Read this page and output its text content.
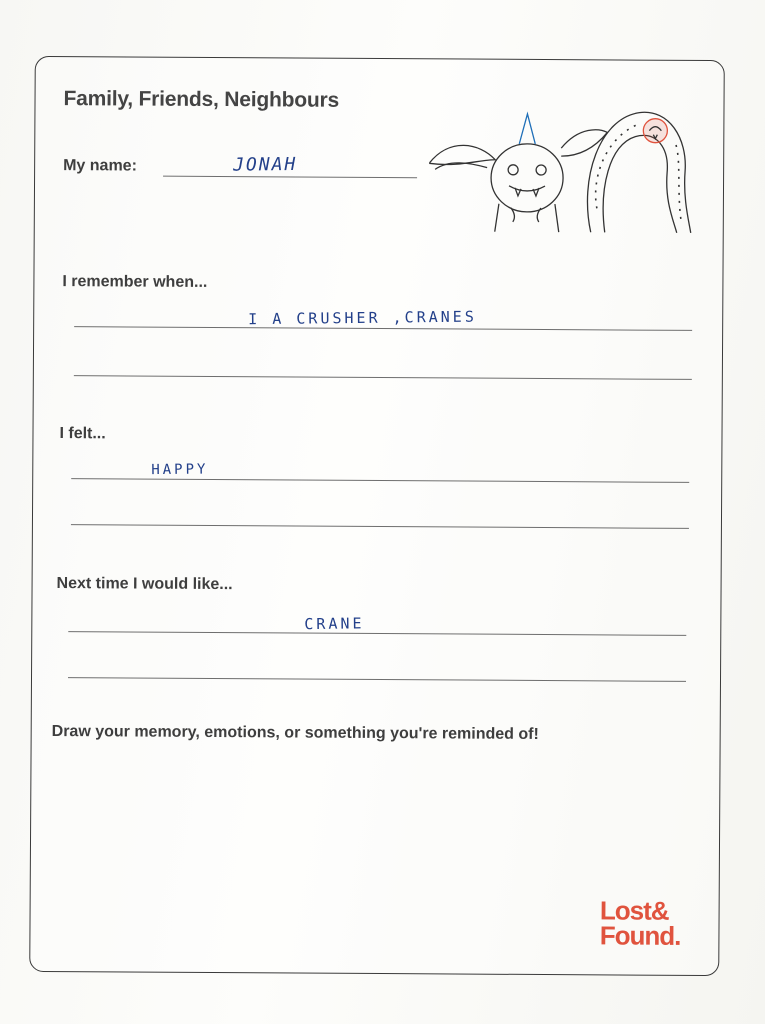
Family, Friends, Neighbours
My name:	JONAH
I remember when...
I A CRUSHER ,CRANES
I felt...
HAPPY
Next time I would like...
CRANE
Draw your memory, emotions, or something you're reminded of!
Lost&
Found.
